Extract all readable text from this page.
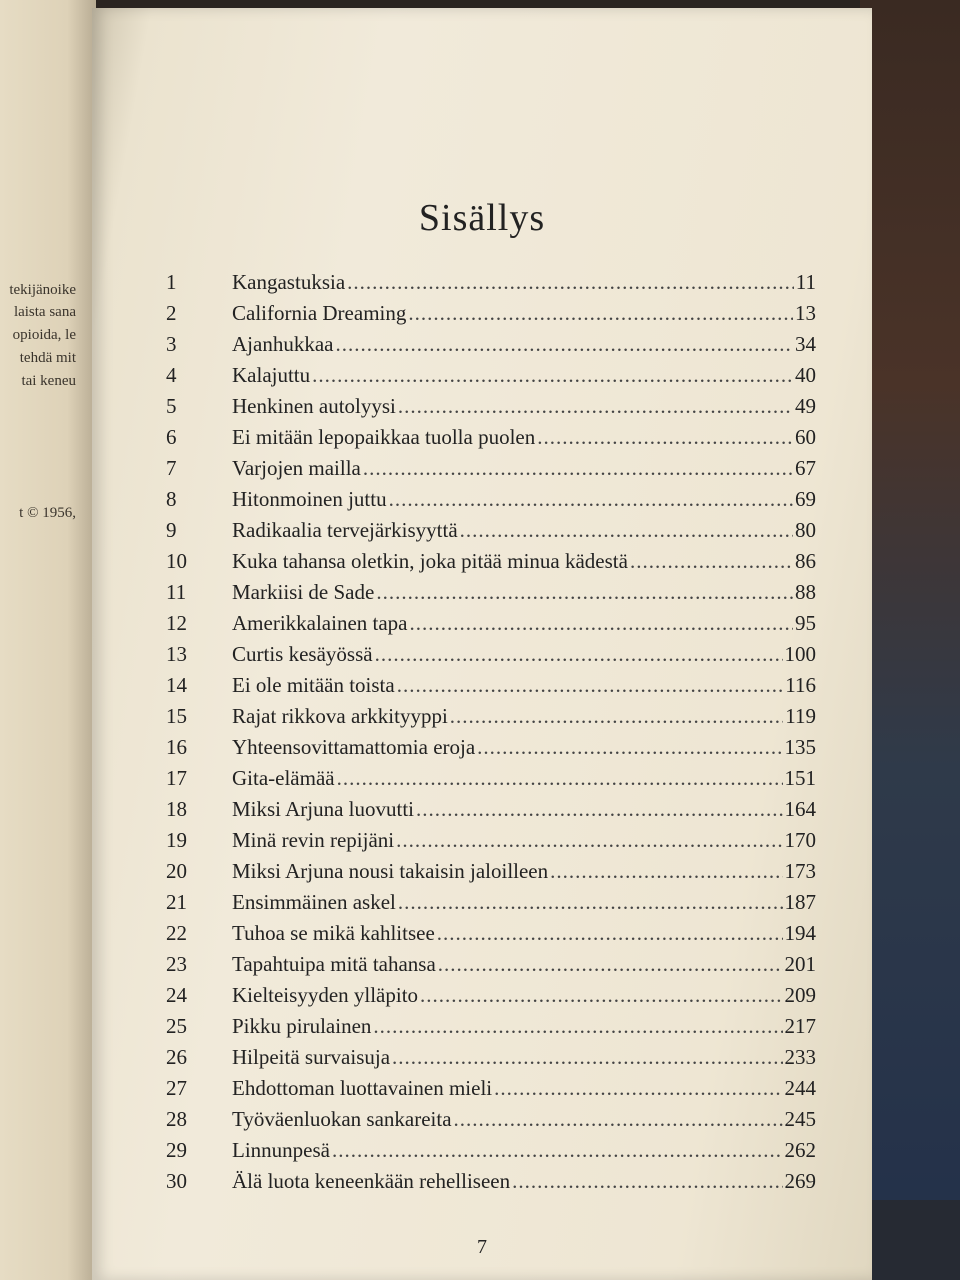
tekijänoike
laista sana
opioida, le
tehdä mit
tai keneu
t © 1956,
Sisällys
1	Kangastuksia .....	11
2	California Dreaming .....	13
3	Ajanhukkaa .....	34
4	Kalajuttu .....	40
5	Henkinen autolyysi .....	49
6	Ei mitään lepopaikkaa tuolla puolen .....	60
7	Varjojen mailla .....	67
8	Hitonmoinen juttu .....	69
9	Radikaalia tervejärkisyyttä .....	80
10	Kuka tahansa oletkin, joka pitää minua kädestä .....	86
11	Markiisi de Sade .....	88
12	Amerikkalainen tapa .....	95
13	Curtis kesäyössä .....	100
14	Ei ole mitään toista .....	116
15	Rajat rikkova arkkityyppi .....	119
16	Yhteensovittamattomia eroja .....	135
17	Gita-elämää .....	151
18	Miksi Arjuna luovutti .....	164
19	Minä revin repijäni .....	170
20	Miksi Arjuna nousi takaisin jaloilleen .....	173
21	Ensimmäinen askel .....	187
22	Tuhoa se mikä kahlitsee .....	194
23	Tapahtuipa mitä tahansa .....	201
24	Kielteisyyden ylläpito .....	209
25	Pikku pirulainen .....	217
26	Hilpeitä survaisuja .....	233
27	Ehdottoman luottavainen mieli .....	244
28	Työväenluokan sankareita .....	245
29	Linnunpesä .....	262
30	Älä luota keneenkään rehelliseen .....	269
7
